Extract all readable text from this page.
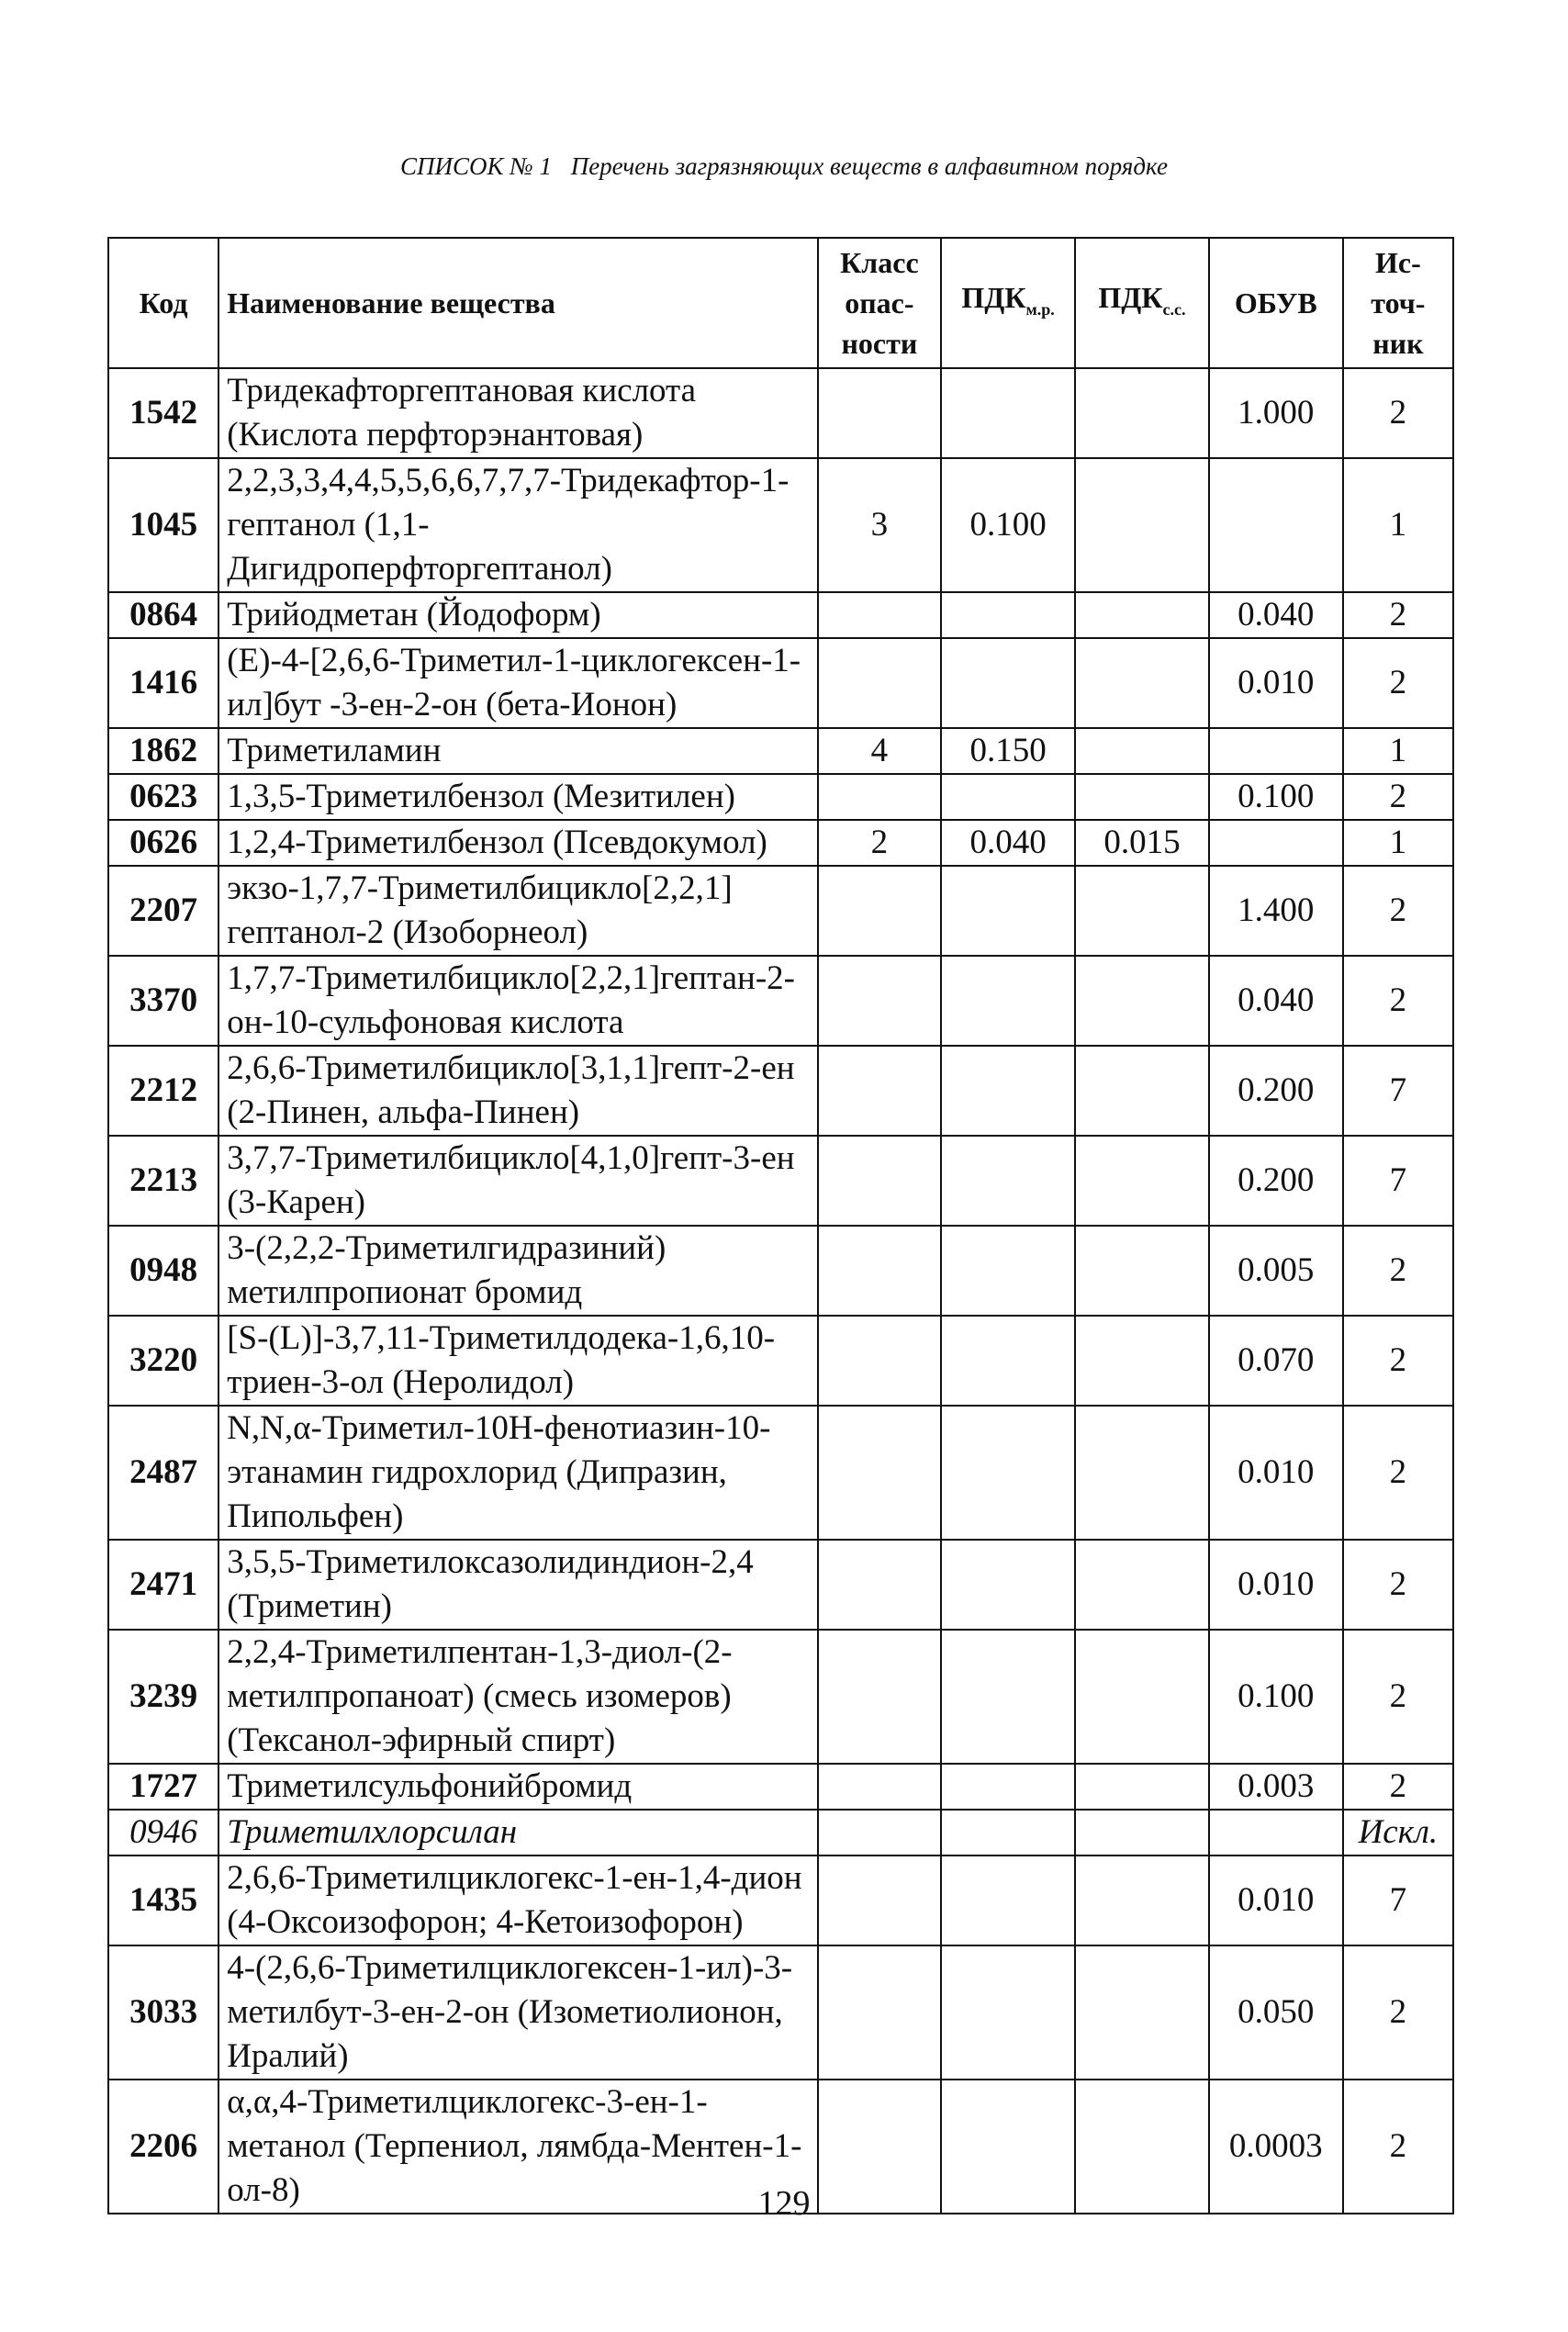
СПИСОК № 1 Перечень загрязняющих веществ в алфавитном порядке
Код	Наименование вещества	Класс опас-ности	$ПДК_{м.р.}$	$ПДК_{с.с.}$	ОБУВ	Ис-точ-ник
1542	Тридекафторгептановая кислота (Кислота перфторэнантовая)				1.000	2
1045	2,2,3,3,4,4,5,5,6,6,7,7,7-Тридекафтор-1-гептанол (1,1-Дигидроперфторгептанол)	3	0.100			1
0864	Трийодметан (Йодоформ)				0.040	2
1416	(E)-4-[2,6,6-Триметил-1-циклогексен-1-ил]бут -3-ен-2-он (бета-Ионон)				0.010	2
1862	Триметиламин	4	0.150			1
0623	1,3,5-Триметилбензол (Мезитилен)				0.100	2
0626	1,2,4-Триметилбензол (Псевдокумол)	2	0.040	0.015		1
2207	экзо-1,7,7-Триметилбицикло[2,2,1] гептанол-2 (Изоборнеол)				1.400	2
3370	1,7,7-Триметилбицикло[2,2,1]гептан-2-он-10-сульфоновая кислота				0.040	2
2212	2,6,6-Триметилбицикло[3,1,1]гепт-2-ен (2-Пинен, альфа-Пинен)				0.200	7
2213	3,7,7-Триметилбицикло[4,1,0]гепт-3-ен (3-Карен)				0.200	7
0948	3-(2,2,2-Триметилгидразиний) метилпропионат бромид				0.005	2
3220	[S-(L)]-3,7,11-Триметилдодека-1,6,10-триен-3-ол (Неролидол)				0.070	2
2487	N,N,α-Триметил-10Н-фенотиазин-10-этанамин гидрохлорид (Дипразин, Пипольфен)				0.010	2
2471	3,5,5-Триметилоксазолидиндион-2,4 (Триметин)				0.010	2
3239	2,2,4-Триметилпентан-1,3-диол-(2-метилпропаноат) (смесь изомеров) (Тексанол-эфирный спирт)				0.100	2
1727	Триметилсульфонийбромид				0.003	2
0946	Триметилхлорсилан					Искл.
1435	2,6,6-Триметилциклогекс-1-ен-1,4-дион (4-Оксоизофорон; 4-Кетоизофорон)				0.010	7
3033	4-(2,6,6-Триметилциклогексен-1-ил)-3-метилбут-3-ен-2-он (Изометиолионон, Иралий)				0.050	2
2206	α,α,4-Триметилциклогекс-3-ен-1-метанол (Терпениол, лямбда-Ментен-1-ол-8)				0.0003	2
129
